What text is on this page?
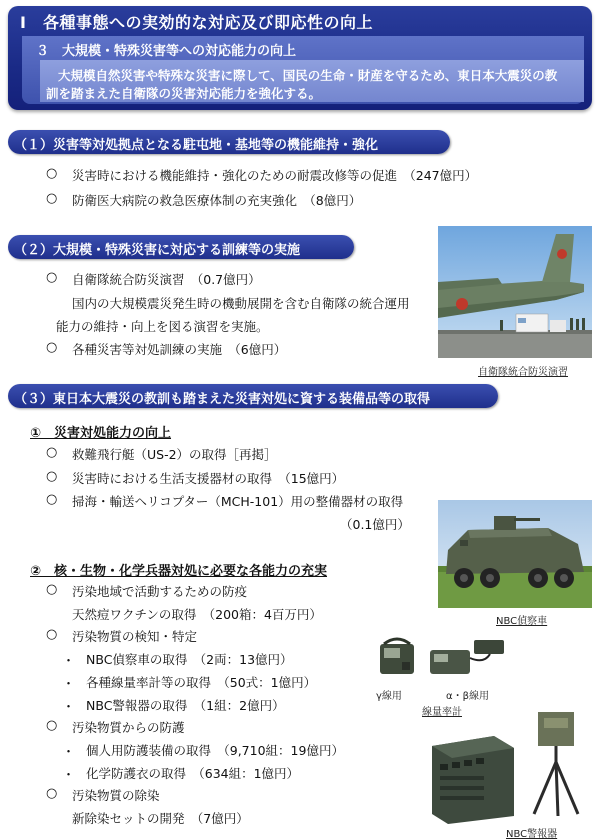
Ⅰ　各種事態への実効的な対応及び即応性の向上
３　大規模・特殊災害等への対応能力の向上
大規模自然災害や特殊な災害に際して、国民の生命・財産を守るため、東日本大震災の教
訓を踏まえた自衛隊の災害対応能力を強化する。
（１）災害等対処拠点となる駐屯地・基地等の機能維持・強化
○ 災害時における機能維持・強化のための耐震改修等の促進　（247億円）
○ 防衛医大病院の救急医療体制の充実強化　（8億円）
（２）大規模・特殊災害に対応する訓練等の実施
○ 自衛隊統合防災演習　（0.7億円）
国内の大規模震災発生時の機動展開を含む自衛隊の統合運用
能力の維持・向上を図る演習を実施。
○ 各種災害等対処訓練の実施　（6億円）
自衛隊統合防災演習
（３）東日本大震災の教訓も踏まえた災害対処に資する装備品等の取得
①　災害対処能力の向上
○ 救難飛行艇（US-2）の取得［再掲］
○ 災害時における生活支援器材の取得　（15億円）
○ 掃海・輸送ヘリコプター（MCH-101）用の整備器材の取得
（0.1億円）
②　核・生物・化学兵器対処に必要な各能力の充実
○ 汚染地域で活動するための防疫
天然痘ワクチンの取得　（200箱：4百万円）
○ 汚染物質の検知・特定
・ NBC偵察車の取得　（2両：13億円）
・ 各種線量率計等の取得　（50式：1億円）
・ NBC警報器の取得　（1組：2億円）
○ 汚染物質からの防護
・ 個人用防護装備の取得　（9,710組：19億円）
・ 化学防護衣の取得　（634組：1億円）
○ 汚染物質の除染
新除染セットの開発　（7億円）
NBC偵察車
γ線用	α・β線用
線量率計
NBC警報器
